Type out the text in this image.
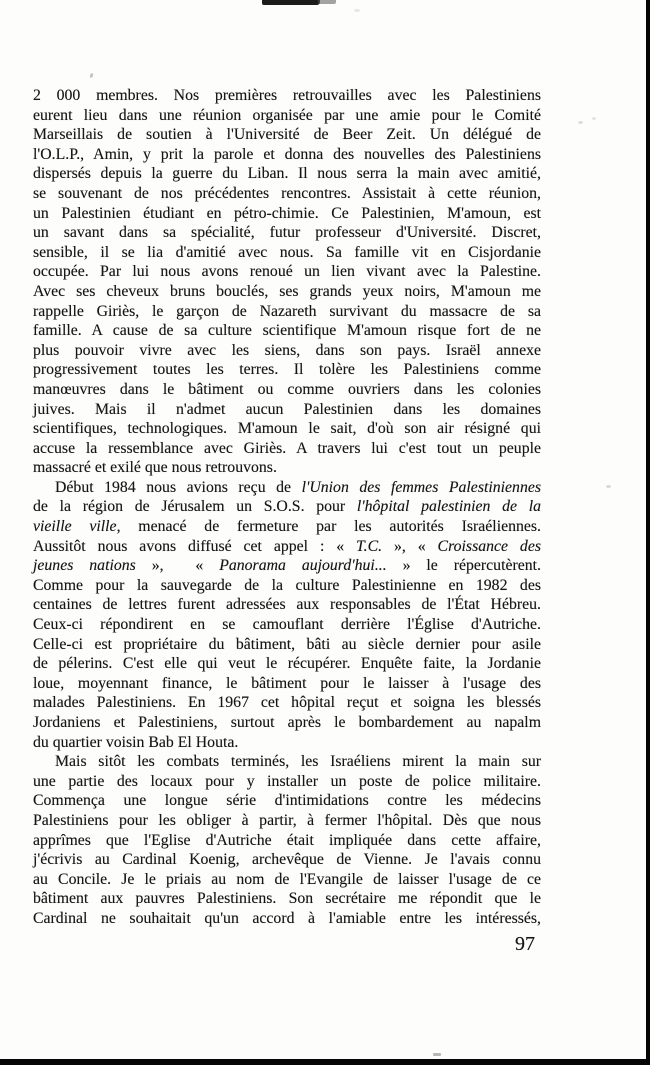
2 000 membres. Nos premières retrouvailles avec les Palestiniens
eurent lieu dans une réunion organisée par une amie pour le Comité
Marseillais de soutien à l'Université de Beer Zeit. Un délégué de
l'O.L.P., Amin, y prit la parole et donna des nouvelles des Palestiniens
dispersés depuis la guerre du Liban. Il nous serra la main avec amitié,
se souvenant de nos précédentes rencontres. Assistait à cette réunion,
un Palestinien étudiant en pétro-chimie. Ce Palestinien, M'amoun, est
un savant dans sa spécialité, futur professeur d'Université. Discret,
sensible, il se lia d'amitié avec nous. Sa famille vit en Cisjordanie
occupée. Par lui nous avons renoué un lien vivant avec la Palestine.
Avec ses cheveux bruns bouclés, ses grands yeux noirs, M'amoun me
rappelle Giriès, le garçon de Nazareth survivant du massacre de sa
famille. A cause de sa culture scientifique M'amoun risque fort de ne
plus pouvoir vivre avec les siens, dans son pays. Israël annexe
progressivement toutes les terres. Il tolère les Palestiniens comme
manœuvres dans le bâtiment ou comme ouvriers dans les colonies
juives. Mais il n'admet aucun Palestinien dans les domaines
scientifiques, technologiques. M'amoun le sait, d'où son air résigné qui
accuse la ressemblance avec Giriès. A travers lui c'est tout un peuple
massacré et exilé que nous retrouvons.
Début 1984 nous avions reçu de l'Union des femmes Palestiniennes
de la région de Jérusalem un S.O.S. pour l'hôpital palestinien de la
vieille ville, menacé de fermeture par les autorités Israéliennes.
Aussitôt nous avons diffusé cet appel : « T.C. », « Croissance des
jeunes nations »,  « Panorama aujourd'hui... » le répercutèrent.
Comme pour la sauvegarde de la culture Palestinienne en 1982 des
centaines de lettres furent adressées aux responsables de l'État Hébreu.
Ceux-ci répondirent en se camouflant derrière l'Église d'Autriche.
Celle-ci est propriétaire du bâtiment, bâti au siècle dernier pour asile
de pélerins. C'est elle qui veut le récupérer. Enquête faite, la Jordanie
loue, moyennant finance, le bâtiment pour le laisser à l'usage des
malades Palestiniens. En 1967 cet hôpital reçut et soigna les blessés
Jordaniens et Palestiniens, surtout après le bombardement au napalm
du quartier voisin Bab El Houta.
Mais sitôt les combats terminés, les Israéliens mirent la main sur
une partie des locaux pour y installer un poste de police militaire.
Commença une longue série d'intimidations contre les médecins
Palestiniens pour les obliger à partir, à fermer l'hôpital. Dès que nous
apprîmes que l'Eglise d'Autriche était impliquée dans cette affaire,
j'écrivis au Cardinal Koenig, archevêque de Vienne. Je l'avais connu
au Concile. Je le priais au nom de l'Evangile de laisser l'usage de ce
bâtiment aux pauvres Palestiniens. Son secrétaire me répondit que le
Cardinal ne souhaitait qu'un accord à l'amiable entre les intéressés,
97
